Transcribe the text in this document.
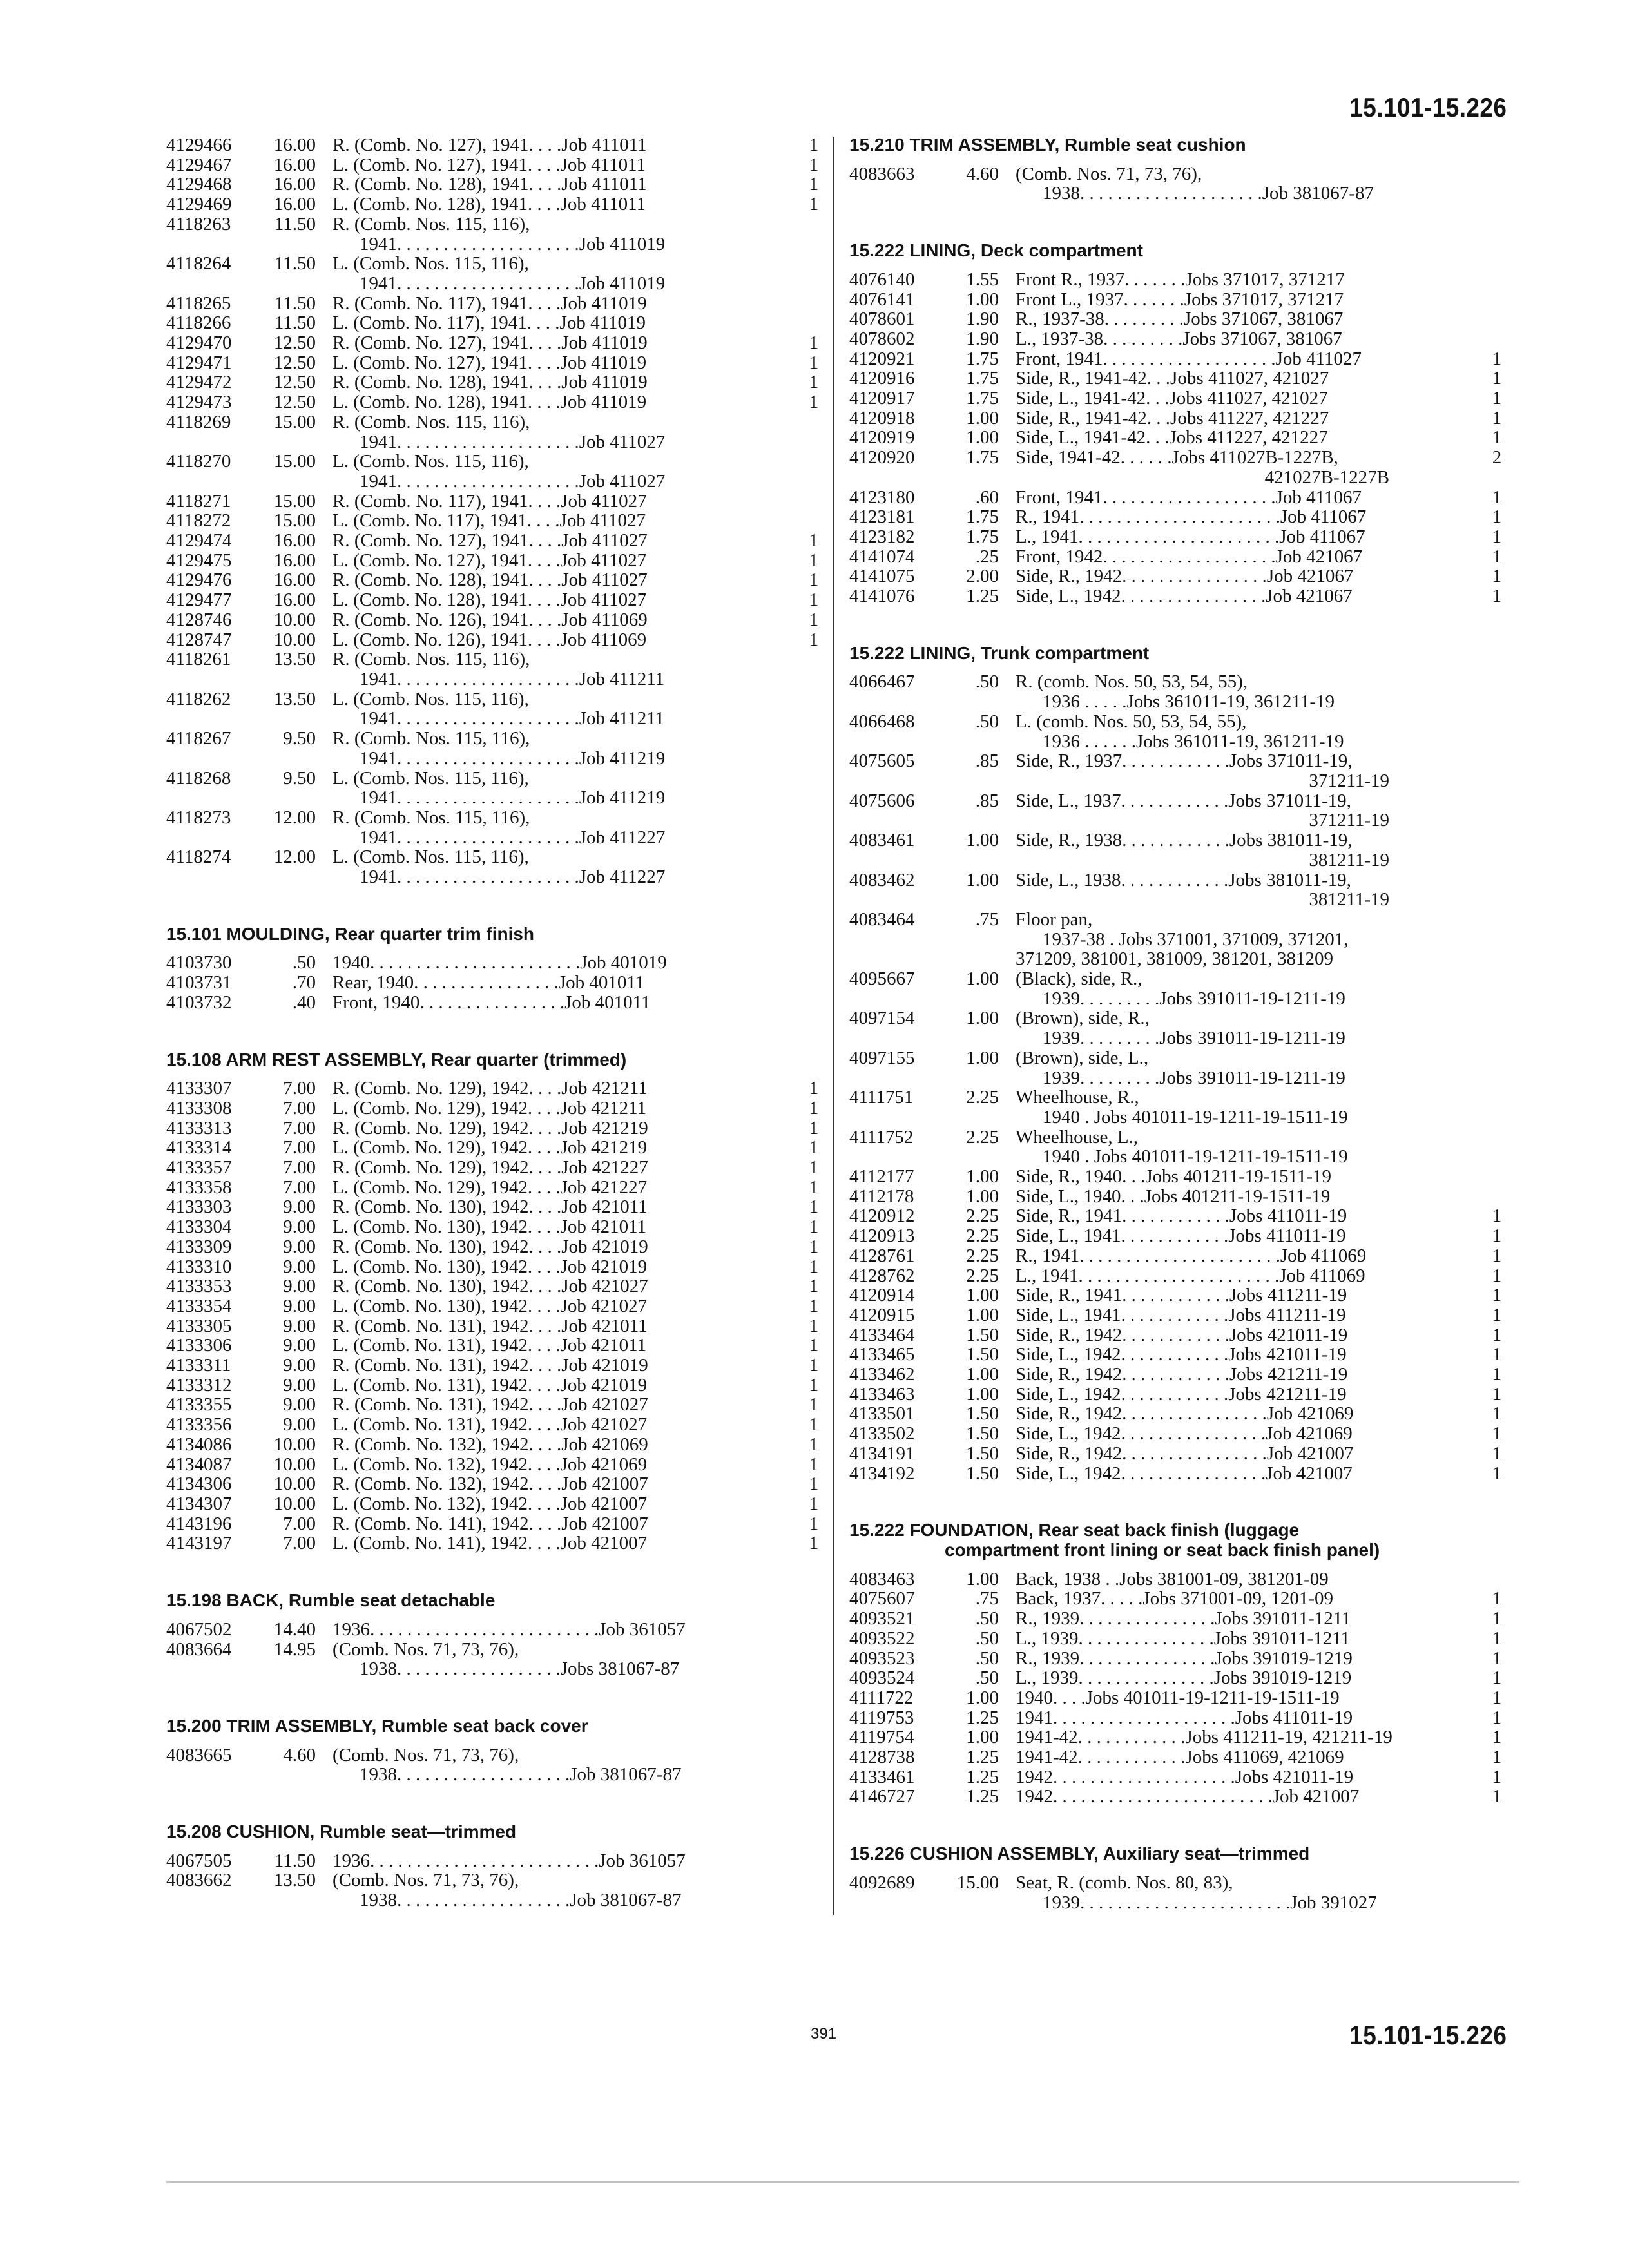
15.101-15.226
4129466	16.00 R. (Comb. No. 127), 1941. . . .Job 411011	1
4129467	16.00 L. (Comb. No. 127), 1941. . . .Job 411011	1
4129468	16.00 R. (Comb. No. 128), 1941. . . .Job 411011	1
4129469	16.00 L. (Comb. No. 128), 1941. . . .Job 411011	1
4118263	11.50 R. (Comb. Nos. 115, 116),
1941. . . . . . . . . . . . . . . . . . . .Job 411019
4118264	11.50 L. (Comb. Nos. 115, 116),
1941. . . . . . . . . . . . . . . . . . . .Job 411019
4118265	11.50 R. (Comb. No. 117), 1941. . . .Job 411019
4118266	11.50 L. (Comb. No. 117), 1941. . . .Job 411019
4129470	12.50 R. (Comb. No. 127), 1941. . . .Job 411019	1
4129471	12.50 L. (Comb. No. 127), 1941. . . .Job 411019	1
4129472	12.50 R. (Comb. No. 128), 1941. . . .Job 411019	1
4129473	12.50 L. (Comb. No. 128), 1941. . . .Job 411019	1
4118269	15.00 R. (Comb. Nos. 115, 116),
1941. . . . . . . . . . . . . . . . . . . .Job 411027
4118270	15.00 L. (Comb. Nos. 115, 116),
1941. . . . . . . . . . . . . . . . . . . .Job 411027
4118271	15.00 R. (Comb. No. 117), 1941. . . .Job 411027
4118272	15.00 L. (Comb. No. 117), 1941. . . .Job 411027
4129474	16.00 R. (Comb. No. 127), 1941. . . .Job 411027	1
4129475	16.00 L. (Comb. No. 127), 1941. . . .Job 411027	1
4129476	16.00 R. (Comb. No. 128), 1941. . . .Job 411027	1
4129477	16.00 L. (Comb. No. 128), 1941. . . .Job 411027	1
4128746	10.00 R. (Comb. No. 126), 1941. . . .Job 411069	1
4128747	10.00 L. (Comb. No. 126), 1941. . . .Job 411069	1
4118261	13.50 R. (Comb. Nos. 115, 116),
1941. . . . . . . . . . . . . . . . . . . .Job 411211
4118262	13.50 L. (Comb. Nos. 115, 116),
1941. . . . . . . . . . . . . . . . . . . .Job 411211
4118267	9.50 R. (Comb. Nos. 115, 116),
1941. . . . . . . . . . . . . . . . . . . .Job 411219
4118268	9.50 L. (Comb. Nos. 115, 116),
1941. . . . . . . . . . . . . . . . . . . .Job 411219
4118273	12.00 R. (Comb. Nos. 115, 116),
1941. . . . . . . . . . . . . . . . . . . .Job 411227
4118274	12.00 L. (Comb. Nos. 115, 116),
1941. . . . . . . . . . . . . . . . . . . .Job 411227
15.101 MOULDING, Rear quarter trim finish
4103730	.50 1940. . . . . . . . . . . . . . . . . . . . . . .Job 401019
4103731	.70 Rear, 1940. . . . . . . . . . . . . . . .Job 401011
4103732	.40 Front, 1940. . . . . . . . . . . . . . . .Job 401011
15.108 ARM REST ASSEMBLY, Rear quarter (trimmed)
4133307	7.00 R. (Comb. No. 129), 1942. . . .Job 421211	1
4133308	7.00 L. (Comb. No. 129), 1942. . . .Job 421211	1
4133313	7.00 R. (Comb. No. 129), 1942. . . .Job 421219	1
4133314	7.00 L. (Comb. No. 129), 1942. . . .Job 421219	1
4133357	7.00 R. (Comb. No. 129), 1942. . . .Job 421227	1
4133358	7.00 L. (Comb. No. 129), 1942. . . .Job 421227	1
4133303	9.00 R. (Comb. No. 130), 1942. . . .Job 421011	1
4133304	9.00 L. (Comb. No. 130), 1942. . . .Job 421011	1
4133309	9.00 R. (Comb. No. 130), 1942. . . .Job 421019	1
4133310	9.00 L. (Comb. No. 130), 1942. . . .Job 421019	1
4133353	9.00 R. (Comb. No. 130), 1942. . . .Job 421027	1
4133354	9.00 L. (Comb. No. 130), 1942. . . .Job 421027	1
4133305	9.00 R. (Comb. No. 131), 1942. . . .Job 421011	1
4133306	9.00 L. (Comb. No. 131), 1942. . . .Job 421011	1
4133311	9.00 R. (Comb. No. 131), 1942. . . .Job 421019	1
4133312	9.00 L. (Comb. No. 131), 1942. . . .Job 421019	1
4133355	9.00 R. (Comb. No. 131), 1942. . . .Job 421027	1
4133356	9.00 L. (Comb. No. 131), 1942. . . .Job 421027	1
4134086	10.00 R. (Comb. No. 132), 1942. . . .Job 421069	1
4134087	10.00 L. (Comb. No. 132), 1942. . . .Job 421069	1
4134306	10.00 R. (Comb. No. 132), 1942. . . .Job 421007	1
4134307	10.00 L. (Comb. No. 132), 1942. . . .Job 421007	1
4143196	7.00 R. (Comb. No. 141), 1942. . . .Job 421007	1
4143197	7.00 L. (Comb. No. 141), 1942. . . .Job 421007	1
15.198 BACK, Rumble seat detachable
4067502	14.40 1936. . . . . . . . . . . . . . . . . . . . . . . . .Job 361057
4083664	14.95 (Comb. Nos. 71, 73, 76),
1938. . . . . . . . . . . . . . . . . .Jobs 381067-87
15.200 TRIM ASSEMBLY, Rumble seat back cover
4083665	4.60 (Comb. Nos. 71, 73, 76),
1938. . . . . . . . . . . . . . . . . . .Job 381067-87
15.208 CUSHION, Rumble seat—trimmed
4067505	11.50 1936. . . . . . . . . . . . . . . . . . . . . . . . .Job 361057
4083662	13.50 (Comb. Nos. 71, 73, 76),
1938. . . . . . . . . . . . . . . . . . .Job 381067-87
15.210 TRIM ASSEMBLY, Rumble seat cushion
4083663	4.60 (Comb. Nos. 71, 73, 76),
1938. . . . . . . . . . . . . . . . . . . .Job 381067-87
15.222 LINING, Deck compartment
4076140	1.55 Front R., 1937. . . . . . .Jobs 371017, 371217
4076141	1.00 Front L., 1937. . . . . . .Jobs 371017, 371217
4078601	1.90 R., 1937-38. . . . . . . . .Jobs 371067, 381067
4078602	1.90 L., 1937-38. . . . . . . . .Jobs 371067, 381067
4120921	1.75 Front, 1941. . . . . . . . . . . . . . . . . . .Job 411027	1
4120916	1.75 Side, R., 1941-42. . .Jobs 411027, 421027	1
4120917	1.75 Side, L., 1941-42. . .Jobs 411027, 421027	1
4120918	1.00 Side, R., 1941-42. . .Jobs 411227, 421227	1
4120919	1.00 Side, L., 1941-42. . .Jobs 411227, 421227	1
4120920	1.75 Side, 1941-42. . . . . .Jobs 411027B-1227B,
421027B-1227B
2
4123180	.60 Front, 1941. . . . . . . . . . . . . . . . . . .Job 411067	1
4123181	1.75 R., 1941. . . . . . . . . . . . . . . . . . . . . .Job 411067	1
4123182	1.75 L., 1941. . . . . . . . . . . . . . . . . . . . . .Job 411067	1
4141074	.25 Front, 1942. . . . . . . . . . . . . . . . . . .Job 421067	1
4141075	2.00 Side, R., 1942. . . . . . . . . . . . . . . .Job 421067	1
4141076	1.25 Side, L., 1942. . . . . . . . . . . . . . . .Job 421067	1
15.222 LINING, Trunk compartment
4066467	.50 R. (comb. Nos. 50, 53, 54, 55),
1936 . . . . .Jobs 361011-19, 361211-19
4066468	.50 L. (comb. Nos. 50, 53, 54, 55),
1936 . . . . . .Jobs 361011-19, 361211-19
4075605	.85 Side, R., 1937. . . . . . . . . . . .Jobs 371011-19,
371211-19
4075606	.85 Side, L., 1937. . . . . . . . . . . .Jobs 371011-19,
371211-19
4083461	1.00 Side, R., 1938. . . . . . . . . . . .Jobs 381011-19,
381211-19
4083462	1.00 Side, L., 1938. . . . . . . . . . . .Jobs 381011-19,
381211-19
4083464	.75 Floor pan,
1937-38 . Jobs 371001, 371009, 371201,
371209, 381001, 381009, 381201, 381209
4095667	1.00 (Black), side, R.,
1939. . . . . . . . .Jobs 391011-19-1211-19
4097154	1.00 (Brown), side, R.,
1939. . . . . . . . .Jobs 391011-19-1211-19
4097155	1.00 (Brown), side, L.,
1939. . . . . . . . .Jobs 391011-19-1211-19
4111751	2.25 Wheelhouse, R.,
1940 . Jobs 401011-19-1211-19-1511-19
4111752	2.25 Wheelhouse, L.,
1940 . Jobs 401011-19-1211-19-1511-19
4112177	1.00 Side, R., 1940. . .Jobs 401211-19-1511-19
4112178	1.00 Side, L., 1940. . .Jobs 401211-19-1511-19
4120912	2.25 Side, R., 1941. . . . . . . . . . . .Jobs 411011-19	1
4120913	2.25 Side, L., 1941. . . . . . . . . . . .Jobs 411011-19	1
4128761	2.25 R., 1941. . . . . . . . . . . . . . . . . . . . . .Job 411069	1
4128762	2.25 L., 1941. . . . . . . . . . . . . . . . . . . . . .Job 411069	1
4120914	1.00 Side, R., 1941. . . . . . . . . . . .Jobs 411211-19	1
4120915	1.00 Side, L., 1941. . . . . . . . . . . .Jobs 411211-19	1
4133464	1.50 Side, R., 1942. . . . . . . . . . . .Jobs 421011-19	1
4133465	1.50 Side, L., 1942. . . . . . . . . . . .Jobs 421011-19	1
4133462	1.00 Side, R., 1942. . . . . . . . . . . .Jobs 421211-19	1
4133463	1.00 Side, L., 1942. . . . . . . . . . . .Jobs 421211-19	1
4133501	1.50 Side, R., 1942. . . . . . . . . . . . . . . .Job 421069	1
4133502	1.50 Side, L., 1942. . . . . . . . . . . . . . . .Job 421069	1
4134191	1.50 Side, R., 1942. . . . . . . . . . . . . . . .Job 421007	1
4134192	1.50 Side, L., 1942. . . . . . . . . . . . . . . .Job 421007	1
15.222 FOUNDATION, Rear seat back finish (luggage
compartment front lining or seat back finish panel)
4083463	1.00 Back, 1938 . .Jobs 381001-09, 381201-09
4075607	.75 Back, 1937. . . . .Jobs 371001-09, 1201-09	1
4093521	.50 R., 1939. . . . . . . . . . . . . . .Jobs 391011-1211	1
4093522	.50 L., 1939. . . . . . . . . . . . . . .Jobs 391011-1211	1
4093523	.50 R., 1939. . . . . . . . . . . . . . .Jobs 391019-1219	1
4093524	.50 L., 1939. . . . . . . . . . . . . . .Jobs 391019-1219	1
4111722	1.00 1940. . . .Jobs 401011-19-1211-19-1511-19	1
4119753	1.25 1941. . . . . . . . . . . . . . . . . . . .Jobs 411011-19	1
4119754	1.00 1941-42. . . . . . . . . . . .Jobs 411211-19, 421211-19	1
4128738	1.25 1941-42. . . . . . . . . . . .Jobs 411069, 421069	1
4133461	1.25 1942. . . . . . . . . . . . . . . . . . . .Jobs 421011-19	1
4146727	1.25 1942. . . . . . . . . . . . . . . . . . . . . . . .Job 421007	1
15.226 CUSHION ASSEMBLY, Auxiliary seat—trimmed
4092689	15.00 Seat, R. (comb. Nos. 80, 83),
1939. . . . . . . . . . . . . . . . . . . . . . .Job 391027
391	15.101-15.226
